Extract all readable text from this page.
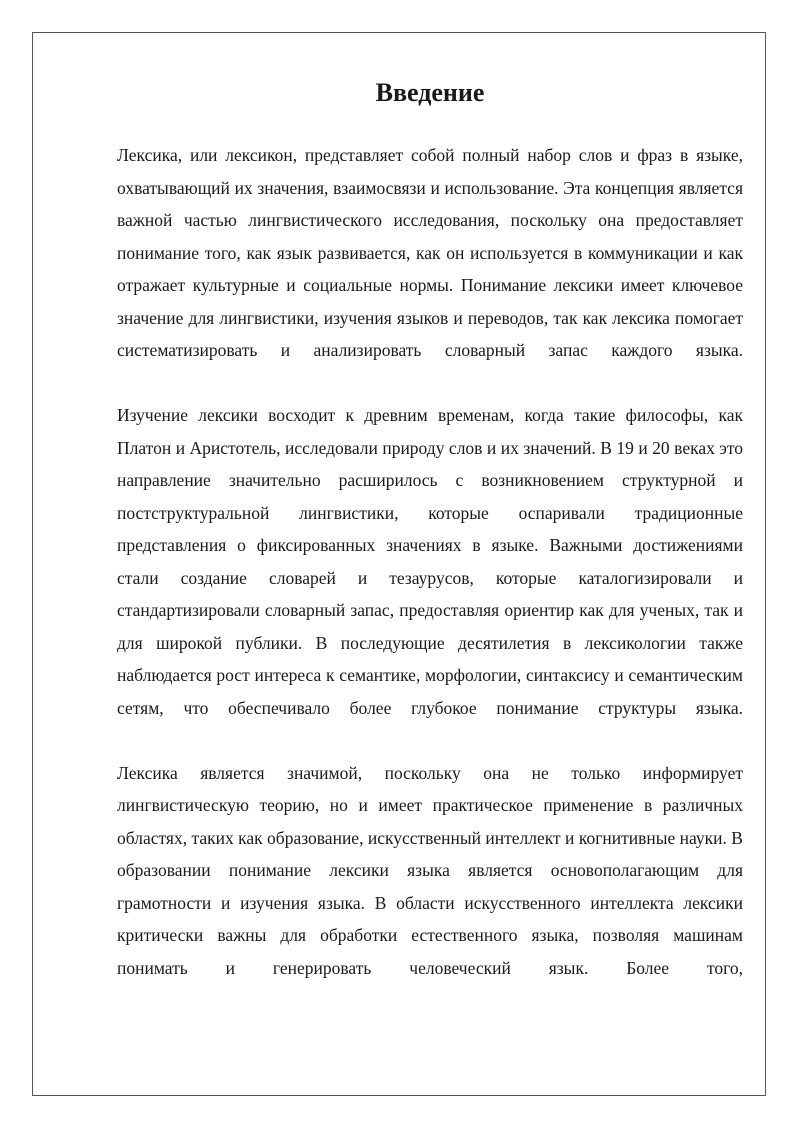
Введение

Лексика, или лексикон, представляет собой полный набор слов и фраз в языке, охватывающий их значения, взаимосвязи и использование. Эта концепция является важной частью лингвистического исследования, поскольку она предоставляет понимание того, как язык развивается, как он используется в коммуникации и как отражает культурные и социальные нормы. Понимание лексики имеет ключевое значение для лингвистики, изучения языков и переводов, так как лексика помогает систематизировать и анализировать словарный запас каждого языка.

Изучение лексики восходит к древним временам, когда такие философы, как Платон и Аристотель, исследовали природу слов и их значений. В 19 и 20 веках это направление значительно расширилось с возникновением структурной и постструктуральной лингвистики, которые оспаривали традиционные представления о фиксированных значениях в языке. Важными достижениями стали создание словарей и тезаурусов, которые каталогизировали и стандартизировали словарный запас, предоставляя ориентир как для ученых, так и для широкой публики. В последующие десятилетия в лексикологии также наблюдается рост интереса к семантике, морфологии, синтаксису и семантическим сетям, что обеспечивало более глубокое понимание структуры языка.

Лексика является значимой, поскольку она не только информирует лингвистическую теорию, но и имеет практическое применение в различных областях, таких как образование, искусственный интеллект и когнитивные науки. В образовании понимание лексики языка является основополагающим для грамотности и изучения языка. В области искусственного интеллекта лексики критически важны для обработки естественного языка, позволяя машинам понимать и генерировать человеческий язык. Более того,
